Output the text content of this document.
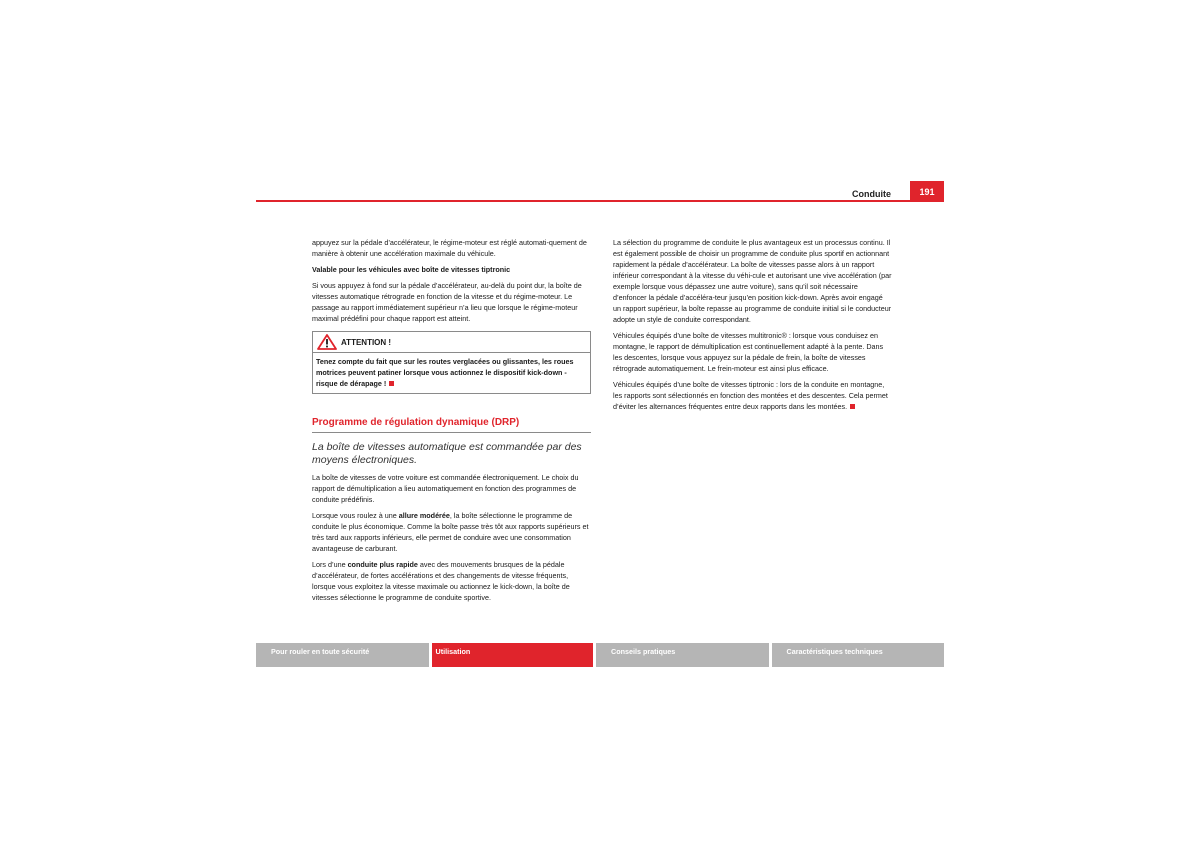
Conduite	191

appuyez sur la pédale d’accélérateur, le régime-moteur est réglé automati-quement de manière à obtenir une accélération maximale du véhicule.

Valable pour les véhicules avec boîte de vitesses tiptronic

Si vous appuyez à fond sur la pédale d’accélérateur, au-delà du point dur, la boîte de vitesses automatique rétrograde en fonction de la vitesse et du régime-moteur. Le passage au rapport immédiatement supérieur n’a lieu que lorsque le régime-moteur maximal prédéfini pour chaque rapport est atteint.

ATTENTION !
Tenez compte du fait que sur les routes verglacées ou glissantes, les roues motrices peuvent patiner lorsque vous actionnez le dispositif kick-down - risque de dérapage !
Programme de régulation dynamique (DRP)

La boîte de vitesses automatique est commandée par des moyens électroniques.

La boîte de vitesses de votre voiture est commandée électroniquement. Le choix du rapport de démultiplication a lieu automatiquement en fonction des programmes de conduite prédéfinis.

Lorsque vous roulez à une allure modérée, la boîte sélectionne le programme de conduite le plus économique. Comme la boîte passe très tôt aux rapports supérieurs et très tard aux rapports inférieurs, elle permet de conduire avec une consommation avantageuse de carburant.

Lors d’une conduite plus rapide avec des mouvements brusques de la pédale d’accélérateur, de fortes accélérations et des changements de vitesse fréquents, lorsque vous exploitez la vitesse maximale ou actionnez le kick-down, la boîte de vitesses sélectionne le programme de conduite sportive.

La sélection du programme de conduite le plus avantageux est un processus continu. Il est également possible de choisir un programme de conduite plus sportif en actionnant rapidement la pédale d’accélérateur. La boîte de vitesses passe alors à un rapport inférieur correspondant à la vitesse du véhi-cule et autorisant une vive accélération (par exemple lorsque vous dépassez une autre voiture), sans qu’il soit nécessaire d’enfoncer la pédale d’accéléra-teur jusqu’en position kick-down. Après avoir engagé un rapport supérieur, la boîte repasse au programme de conduite initial si le conducteur adopte un style de conduite correspondant.

Véhicules équipés d’une boîte de vitesses multitronic® : lorsque vous conduisez en montagne, le rapport de démultiplication est continuellement adapté à la pente. Dans les descentes, lorsque vous appuyez sur la pédale de frein, la boîte de vitesses rétrograde automatiquement. Le frein-moteur est ainsi plus efficace.

Véhicules équipés d’une boîte de vitesses tiptronic : lors de la conduite en montagne, les rapports sont sélectionnés en fonction des montées et des descentes. Cela permet d’éviter les alternances fréquentes entre deux rapports dans les montées.

Pour rouler en toute sécurité	Utilisation	Conseils pratiques	Caractéristiques techniques
